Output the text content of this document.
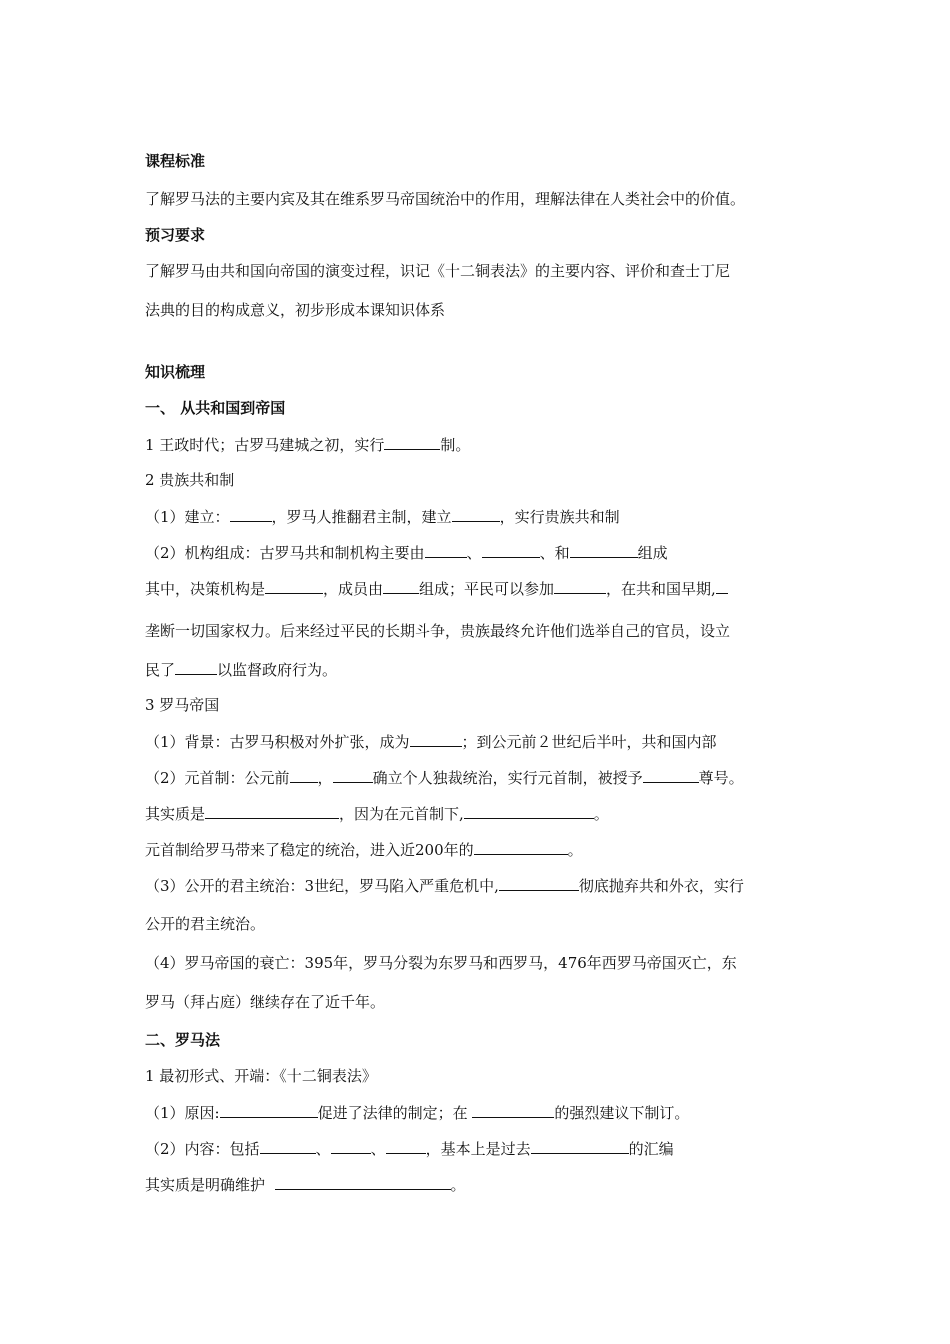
课程标准
了解罗马法的主要内宾及其在维系罗马帝国统治中的作用，理解法律在人类社会中的价值。
预习要求
了解罗马由共和国向帝国的演变过程，识记《十二铜表法》的主要内容、评价和查士丁尼
法典的目的构成意义，初步形成本课知识体系
知识梳理
一、 从共和国到帝国
1 王政时代；古罗马建城之初，实行	制。
2 贵族共和制
（1）建立：	，罗马人推翻君主制，建立	，实行贵族共和制
（2）机构组成：古罗马共和制机构主要由	、	、和	组成
其中，决策机构是	，成员由 组成；平民可以参加	，在共和国早期,
垄断一切国家权力。后来经过平民的长期斗争，贵族最终允许他们选举自己的官员，设立
民了	以监督政府行为。
3 罗马帝国
（1）背景：古罗马积极对外扩张，成为	；到公元前２世纪后半叶，共和国内部
（2）元首制：公元前 ，	确立个人独裁统治，实行元首制，被授予	尊号。
其实质是	，因为在元首制下,	。
元首制给罗马带来了稳定的统治，进入近200年的	。
（3）公开的君主统治：3世纪，罗马陷入严重危机中,	彻底抛弃共和外衣，实行
公开的君主统治。
（4）罗马帝国的衰亡：395年，罗马分裂为东罗马和西罗马，476年西罗马帝国灭亡，东
罗马（拜占庭）继续存在了近千年。
二、罗马法
1 最初形式、开端：《十二铜表法》
（1）原因:	促进了法律的制定；在	的强烈建议下制订。
（2）内容：包括	、	、	，基本上是过去	的汇编
其实质是明确维护	。
